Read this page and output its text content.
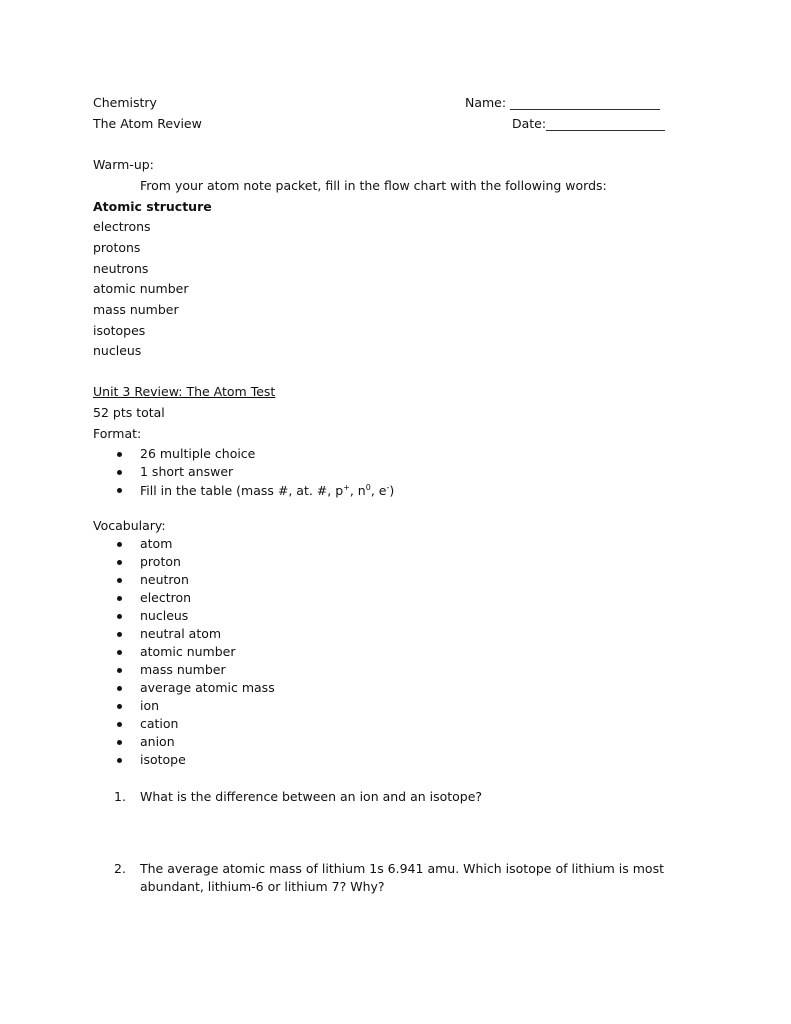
Chemistry
The Atom Review
Name: ________________________
Date:___________________
Warm-up:
From your atom note packet, fill in the flow chart with the following words:
Atomic structure
electrons
protons
neutrons
atomic number
mass number
isotopes
nucleus
Unit 3 Review: The Atom Test
52 pts total
Format:
26 multiple choice
1 short answer
Fill in the table (mass #, at. #, p+, $n^0$, e-)
Vocabulary:
atom
proton
neutron
electron
nucleus
neutral atom
atomic number
mass number
average atomic mass
ion
cation
anion
isotope
1. What is the difference between an ion and an isotope?
2. The average atomic mass of lithium 1s 6.941 amu. Which isotope of lithium is most
abundant, lithium-6 or lithium 7? Why?
